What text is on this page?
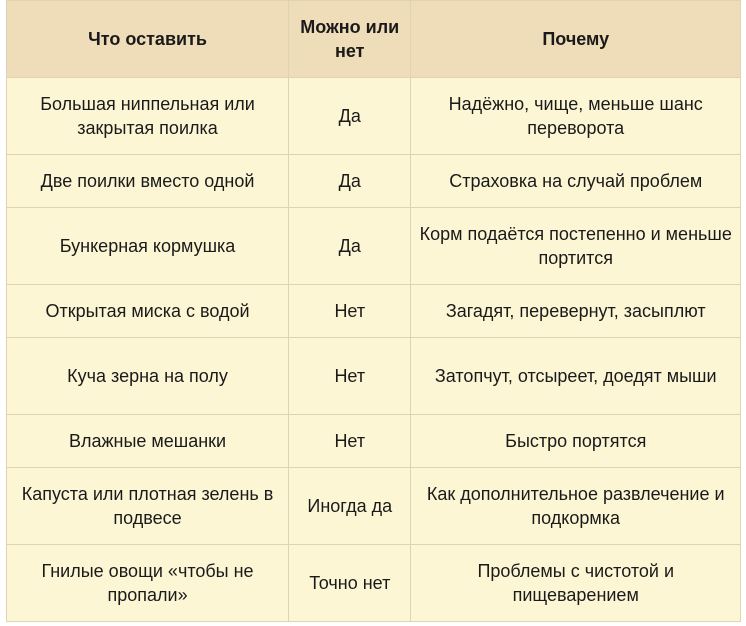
Что оставить	Можно или нет	Почему
Большая ниппельная или закрытая поилка	Да	Надёжно, чище, меньше шанс переворота
Две поилки вместо одной	Да	Страховка на случай проблем
Бункерная кормушка	Да	Корм подаётся постепенно и меньше портится
Открытая миска с водой	Нет	Загадят, перевернут, засыплют
Куча зерна на полу	Нет	Затопчут, отсыреет, доедят мыши
Влажные мешанки	Нет	Быстро портятся
Капуста или плотная зелень в подвесе	Иногда да	Как дополнительное развлечение и подкормка
Гнилые овощи «чтобы не пропали»	Точно нет	Проблемы с чистотой и пищеварением
